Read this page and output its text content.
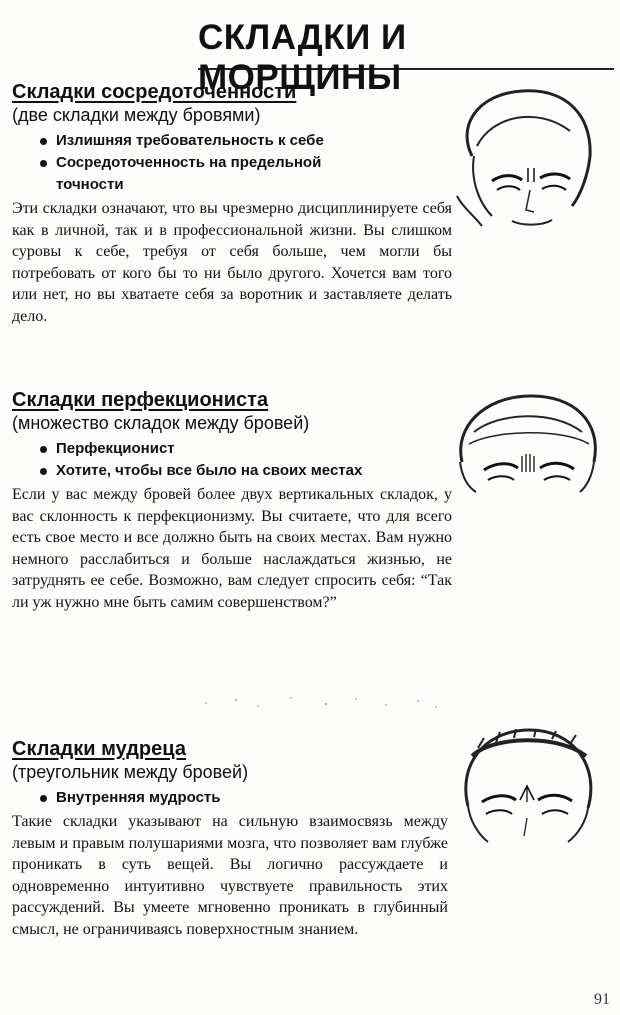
СКЛАДКИ И МОРЩИНЫ
Складки сосредоточенности
(две складки между бровями)
Излишняя требовательность к себе
Сосредоточенность на предельной точности

Эти складки означают, что вы чрезмерно дисциплинируете себя как в личной, так и в профессиональной жизни. Вы слишком суровы к себе, требуя от себя больше, чем могли бы потребовать от кого бы то ни было другого. Хочется вам того или нет, но вы хватаете себя за воротник и заставляете делать дело.

Складки перфекциониста
(множество складок между бровей)
Перфекционист
Хотите, чтобы все было на своих местах

Если у вас между бровей более двух вертикальных складок, у вас склонность к перфекционизму. Вы считаете, что для всего есть свое место и все должно быть на своих местах. Вам нужно немного расслабиться и больше наслаждаться жизнью, не затруднять ее себе. Возможно, вам следует спросить себя: “Так ли уж нужно мне быть самим совершенством?”

Складки мудреца
(треугольник между бровей)
Внутренняя мудрость

Такие складки указывают на сильную взаимосвязь между левым и правым полушариями мозга, что позволяет вам глубже проникать в суть вещей. Вы логично рассуждаете и одновременно интуитивно чувствуете правильность этих рассуждений. Вы умеете мгновенно проникать в глубинный смысл, не ограничиваясь поверхностным знанием.

91
